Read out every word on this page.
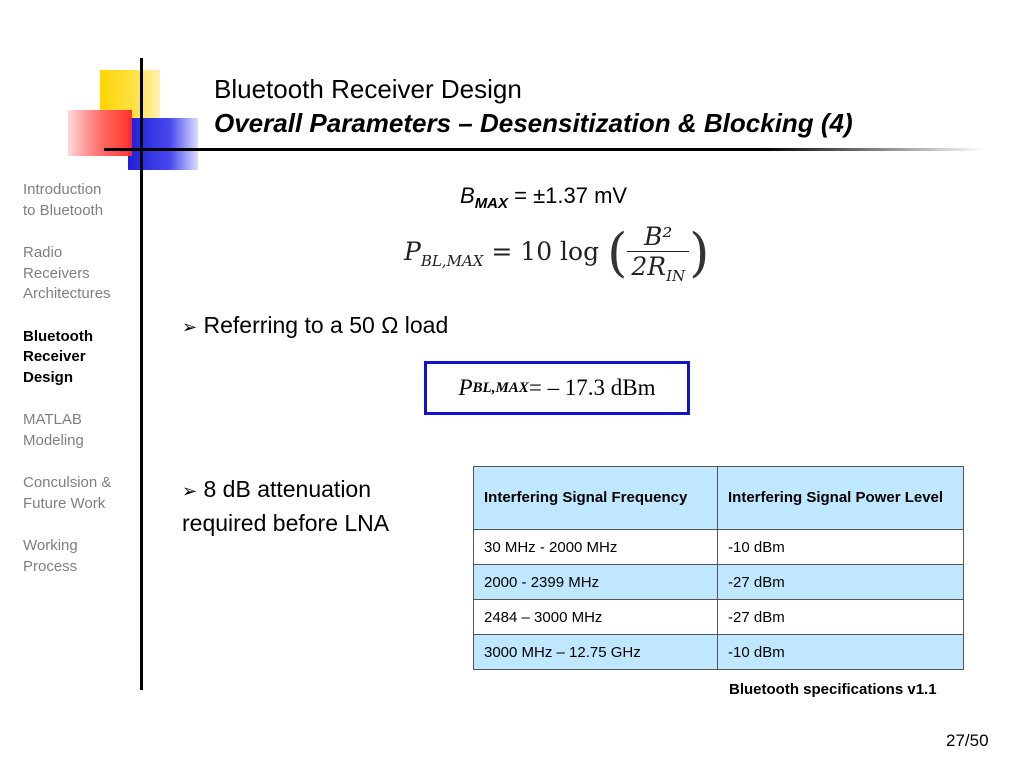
Bluetooth Receiver Design
Overall Parameters – Desensitization & Blocking (4)
Introduction
to Bluetooth
Radio
Receivers
Architectures
Bluetooth
Receiver
Design
MATLAB
Modeling
Conculsion &
Future Work
Working
Process
$B_{MAX} = \pm 1.37$ mV
$P_{BL,MAX} = 10$ log ( $\frac{\text{B²}}{2R_{IN}}$ )
➢ Referring to a 50 Ω load
P BL,MAX = – 17.3 dBm
➢ 8 dB attenuation
required before LNA
Interfering Signal Frequency	Interfering Signal Power Level
30 MHz - 2000 MHz	-10 dBm
2000 - 2399 MHz	-27 dBm
2484 – 3000 MHz	-27 dBm
3000 MHz – 12.75 GHz	-10 dBm
Bluetooth specifications v1.1
27/50
